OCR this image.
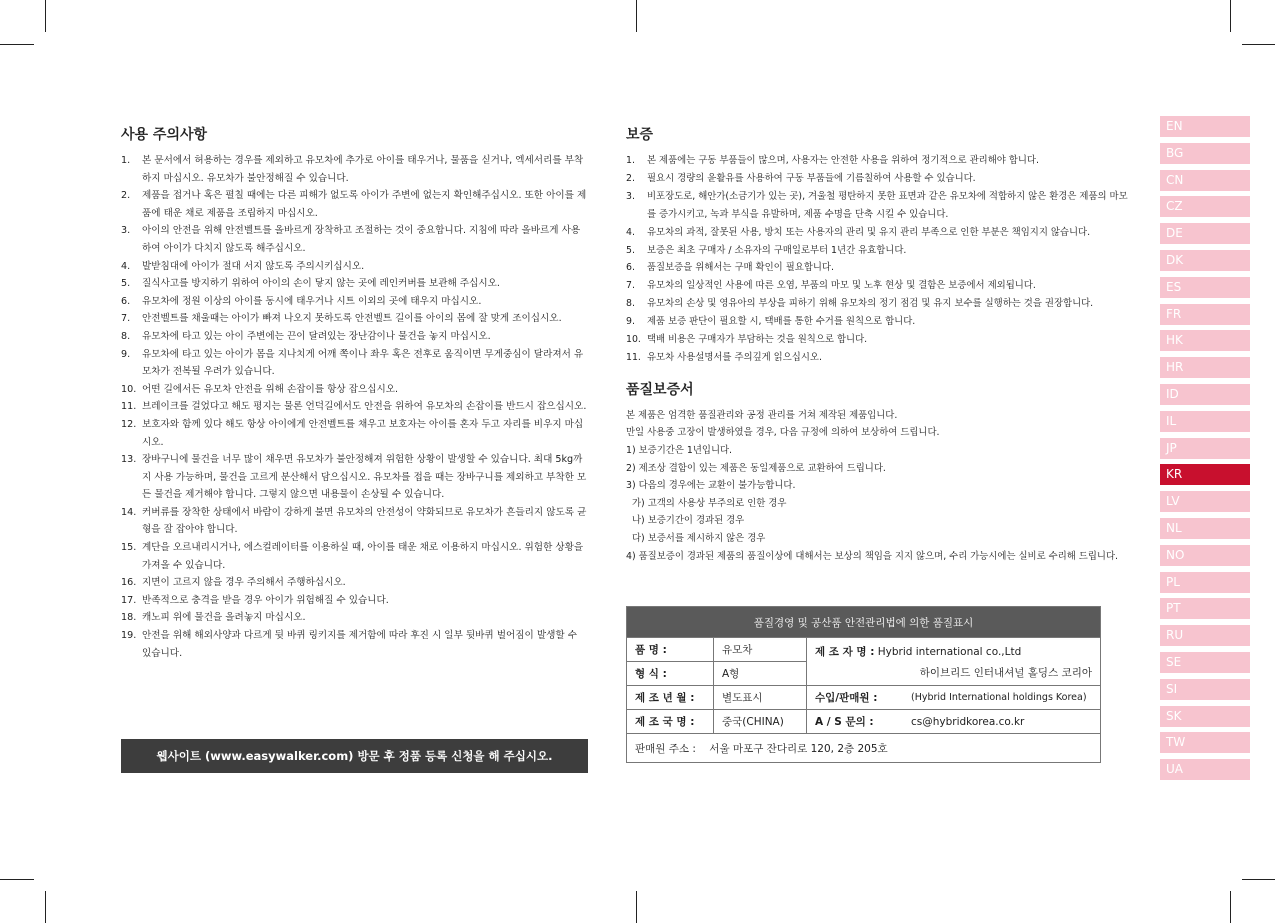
사용 주의사항
1. 본 문서에서 허용하는 경우를 제외하고 유모차에 추가로 아이를 태우거나, 물품을 싣거나, 엑세서리를 부착하지 마십시오. 유모차가 불안정해질 수 있습니다.
2. 제품을 접거나 혹은 펼칠 때에는 다른 피해가 없도록 아이가 주변에 없는지 확인해주십시오. 또한 아이를 제품에 태운 채로 제품을 조립하지 마십시오.
3. 아이의 안전을 위해 안전벨트를 올바르게 장착하고 조절하는 것이 중요합니다. 지침에 따라 올바르게 사용하여 아이가 다치지 않도록 해주십시오.
4. 발받침대에 아이가 절대 서지 않도록 주의시키십시오.
5. 질식사고를 방지하기 위하여 아이의 손이 닿지 않는 곳에 레인커버를 보관해 주십시오.
6. 유모차에 정원 이상의 아이를 동시에 태우거나 시트 이외의 곳에 태우지 마십시오.
7. 안전벨트를 채울때는 아이가 빠져 나오지 못하도록 안전벨트 길이를 아이의 몸에 잘 맞게 조이십시오.
8. 유모차에 타고 있는 아이 주변에는 끈이 달려있는 장난감이나 물건을 놓지 마십시오.
9. 유모차에 타고 있는 아이가 몸을 지나치게 어깨 쪽이나 좌우 혹은 전후로 움직이면 무게중심이 달라져서 유모차가 전복될 우려가 있습니다.
10. 어떤 길에서든 유모차 안전을 위해 손잡이를 항상 잡으십시오.
11. 브레이크를 걸었다고 해도 평지는 물론 언덕길에서도 안전을 위하여 유모차의 손잡이를 반드시 잡으십시오.
12. 보호자와 함께 있다 해도 항상 아이에게 안전벨트를 채우고 보호자는 아이를 혼자 두고 자리를 비우지 마십시오.
13. 장바구니에 물건을 너무 많이 채우면 유모차가 불안정해져 위험한 상황이 발생할 수 있습니다. 최대 5kg까지 사용 가능하며, 물건을 고르게 분산해서 담으십시오. 유모차를 접을 때는 장바구니를 제외하고 부착한 모든 물건을 제거해야 합니다. 그렇지 않으면 내용물이 손상될 수 있습니다.
14. 커버류를 장착한 상태에서 바람이 강하게 불면 유모차의 안전성이 약화되므로 유모차가 흔들리지 않도록 균형을 잘 잡아야 합니다.
15. 계단을 오르내리시거나, 에스컬레이터를 이용하실 때, 아이를 태운 채로 이용하지 마십시오. 위험한 상황을 가져올 수 있습니다.
16. 지면이 고르지 않을 경우 주의해서 주행하십시오.
17. 반족적으로 충격을 받을 경우 아이가 위험해질 수 있습니다.
18. 캐노피 위에 물건을 올려놓지 마십시오.
19. 안전을 위해 해외사양과 다르게 뒷 바퀴 링키지를 제거함에 따라 후진 시 일부 뒷바퀴 벌어짐이 발생할 수 있습니다.
웹사이트 (www.easywalker.com) 방문 후 정품 등록 신청을 해 주십시오.
보증
1. 본 제품에는 구동 부품들이 많으며, 사용자는 안전한 사용을 위하여 정기적으로 관리해야 합니다.
2. 필요시 경량의 윤활유를 사용하여 구동 부품들에 기름칠하여 사용할 수 있습니다.
3. 비포장도로, 해안가(소금기가 있는 곳), 겨울철 평탄하지 못한 표면과 같은 유모차에 적합하지 않은 환경은 제품의 마모를 증가시키고, 녹과 부식을 유발하며, 제품 수명을 단축 시킬 수 있습니다.
4. 유모차의 과적, 잘못된 사용, 방치 또는 사용자의 관리 및 유지 관리 부족으로 인한 부분은 책임지지 않습니다.
5. 보증은 최초 구매자 / 소유자의 구매일로부터 1년간 유효합니다.
6. 품질보증을 위해서는 구매 확인이 필요합니다.
7. 유모차의 일상적인 사용에 따른 오염, 부품의 마모 및 노후 현상 및 결함은 보증에서 제외됩니다.
8. 유모차의 손상 및 영유아의 부상을 피하기 위해 유모차의 정기 점검 및 유지 보수를 실행하는 것을 권장합니다.
9. 제품 보증 판단이 필요할 시, 택배를 통한 수거를 원칙으로 합니다.
10. 택배 비용은 구매자가 부담하는 것을 원칙으로 합니다.
11. 유모차 사용설명서를 주의깊게 읽으십시오.
품질보증서

본 제품은 엄격한 품질관리와 공정 관리를 거쳐 제작된 제품입니다.

만일 사용중 고장이 발생하였을 경우, 다음 규정에 의하여 보상하여 드립니다.

1) 보증기간은 1년입니다.

2) 제조상 결함이 있는 제품은 동일제품으로 교환하여 드립니다.

3) 다음의 경우에는 교환이 불가능합니다.

가) 고객의 사용상 부주의로 인한 경우

나) 보증기간이 경과된 경우

다) 보증서를 제시하지 않은 경우

4) 품질보증이 경과된 제품의 품질이상에 대해서는 보상의 책임을 지지 않으며, 수리 가능시에는 실비로 수리해 드립니다.

품질경영 및 공산품 안전관리법에 의한 품질표시			
품 명 :	유모차	제 조 자 명 : Hybrid international co.,Ltd
하이브리드 인터내셔널 홀딩스 코리아	

형 식 :	A형		
제 조 년 월 :	별도표시	수입/판매원 :	(Hybrid International holdings Korea)
제 조 국 명 :	중국(CHINA)	A / S 문의 :	cs@hybridkorea.co.kr
판매원 주소 : 서울 마포구 잔다리로 120, 2층 205호			
EN
BG
CN
CZ
DE
DK
ES
FR
HK
HR
ID
IL
JP
KR
LV
NL
NO
PL
PT
RU
SE
SI
SK
TW
UA
